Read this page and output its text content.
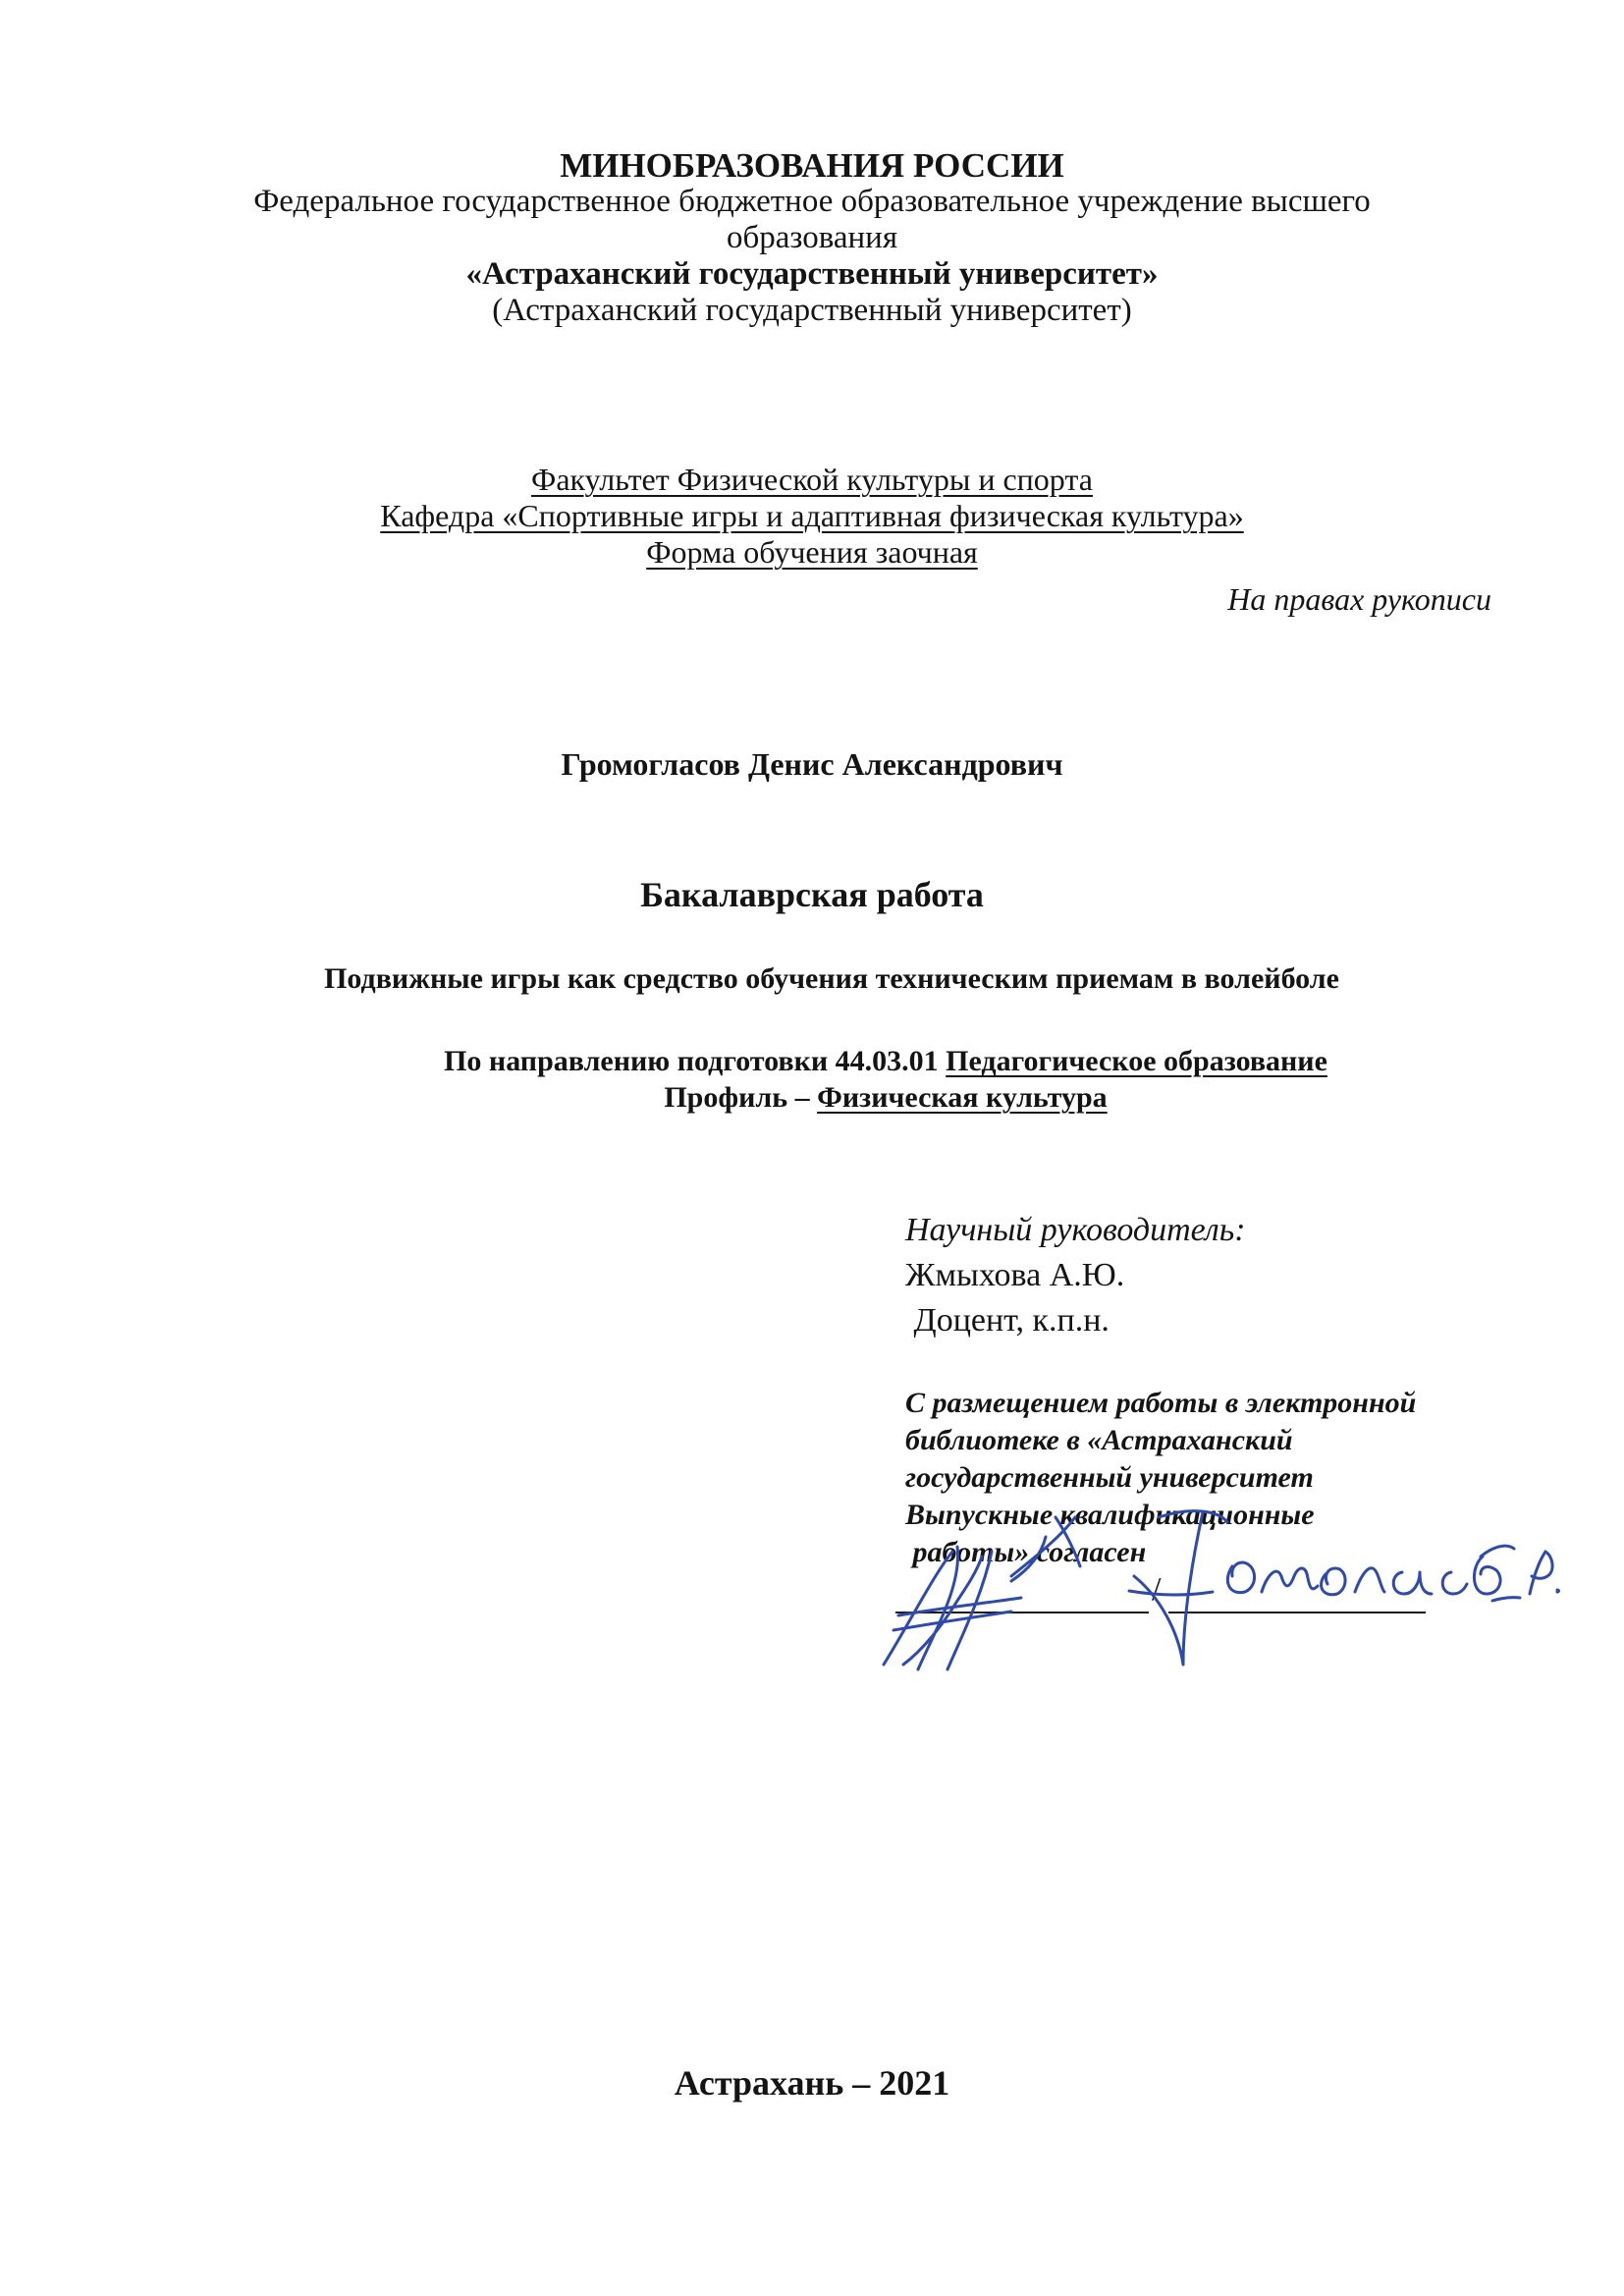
МИНОБРАЗОВАНИЯ РОССИИ
Федеральное государственное бюджетное образовательное учреждение высшего
образования
«Астраханский государственный университет»
(Астраханский государственный университет)
Факультет Физической культуры и спорта
Кафедра «Спортивные игры и адаптивная физическая культура»
Форма обучения заочная
На правах рукописи
Громогласов Денис Александрович
Бакалаврская работа
Подвижные игры как средство обучения техническим приемам в волейболе
По направлению подготовки 44.03.01 Педагогическое образование
Профиль – Физическая культура
Научный руководитель:
Жмыхова А.Ю.
Доцент, к.п.н.
С размещением работы в электронной
библиотеке в «Астраханский
государственный университет
Выпускные квалификационные
работы» согласен
/
Астрахань – 2021
